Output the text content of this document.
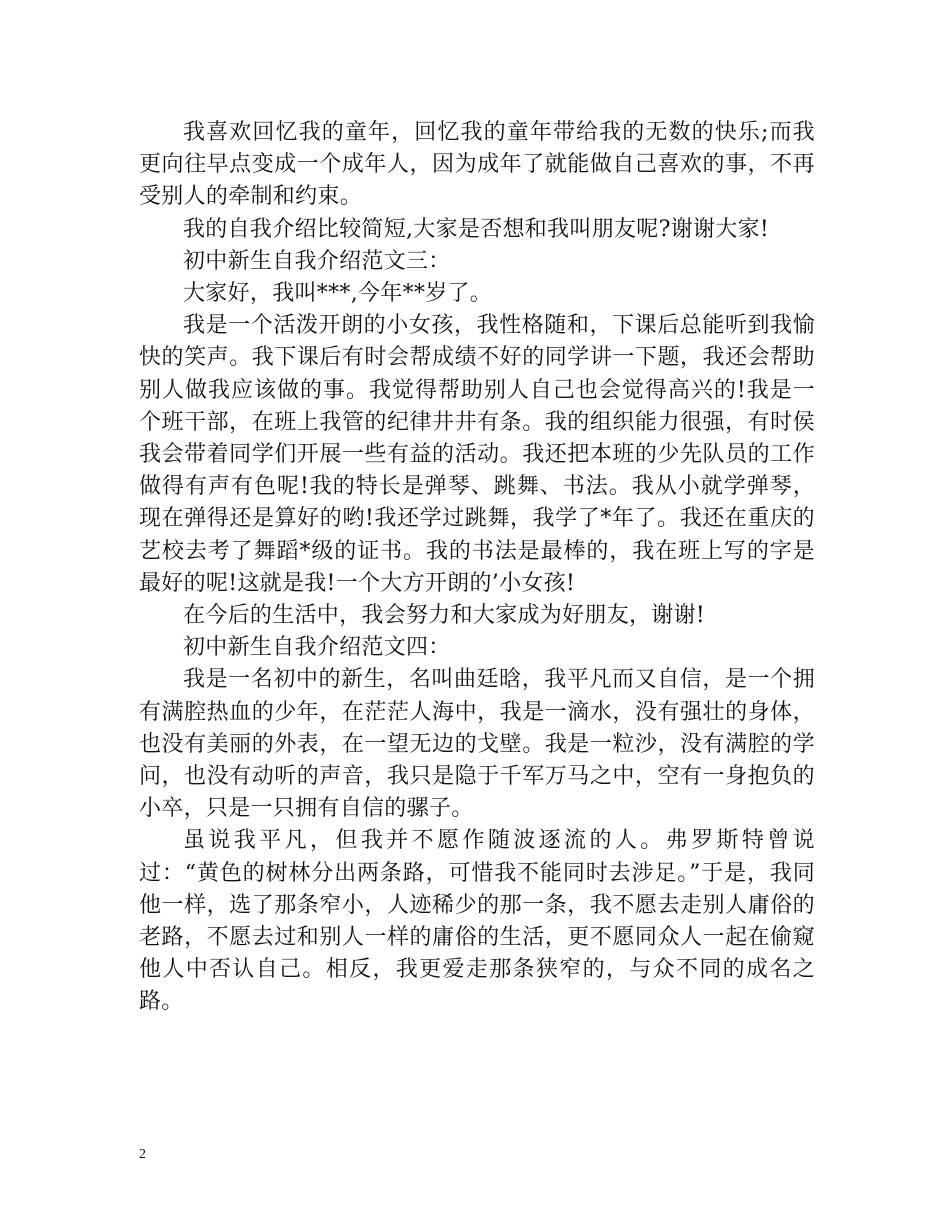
我喜欢回忆我的童年，回忆我的童年带给我的无数的快乐;而我更向往早点变成一个成年人，因为成年了就能做自己喜欢的事，不再受别人的牵制和约束。

我的自我介绍比较简短,大家是否想和我叫朋友呢?谢谢大家!

初中新生自我介绍范文三：

大家好，我叫***,今年**岁了。

我是一个活泼开朗的小女孩，我性格随和，下课后总能听到我愉快的笑声。我下课后有时会帮成绩不好的同学讲一下题，我还会帮助别人做我应该做的事。我觉得帮助别人自己也会觉得高兴的!我是一个班干部，在班上我管的纪律井井有条。我的组织能力很强，有时侯我会带着同学们开展一些有益的活动。我还把本班的少先队员的工作做得有声有色呢!我的特长是弹琴、跳舞、书法。我从小就学弹琴，现在弹得还是算好的哟!我还学过跳舞，我学了*年了。我还在重庆的艺校去考了舞蹈*级的证书。我的书法是最棒的，我在班上写的字是最好的呢!这就是我!一个大方开朗的’小女孩!

在今后的生活中，我会努力和大家成为好朋友，谢谢!

初中新生自我介绍范文四：

我是一名初中的新生，名叫曲廷晗，我平凡而又自信，是一个拥有满腔热血的少年，在茫茫人海中，我是一滴水，没有强壮的身体，也没有美丽的外表，在一望无边的戈壁。我是一粒沙，没有满腔的学问，也没有动听的声音，我只是隐于千军万马之中，空有一身抱负的小卒，只是一只拥有自信的骡子。

虽说我平凡，但我并不愿作随波逐流的人。弗罗斯特曾说过：“黄色的树林分出两条路，可惜我不能同时去涉足。”于是，我同他一样，选了那条窄小，人迹稀少的那一条，我不愿去走别人庸俗的老路，不愿去过和别人一样的庸俗的生活，更不愿同众人一起在偷窥他人中否认自己。相反，我更爱走那条狭窄的，与众不同的成名之路。

2
